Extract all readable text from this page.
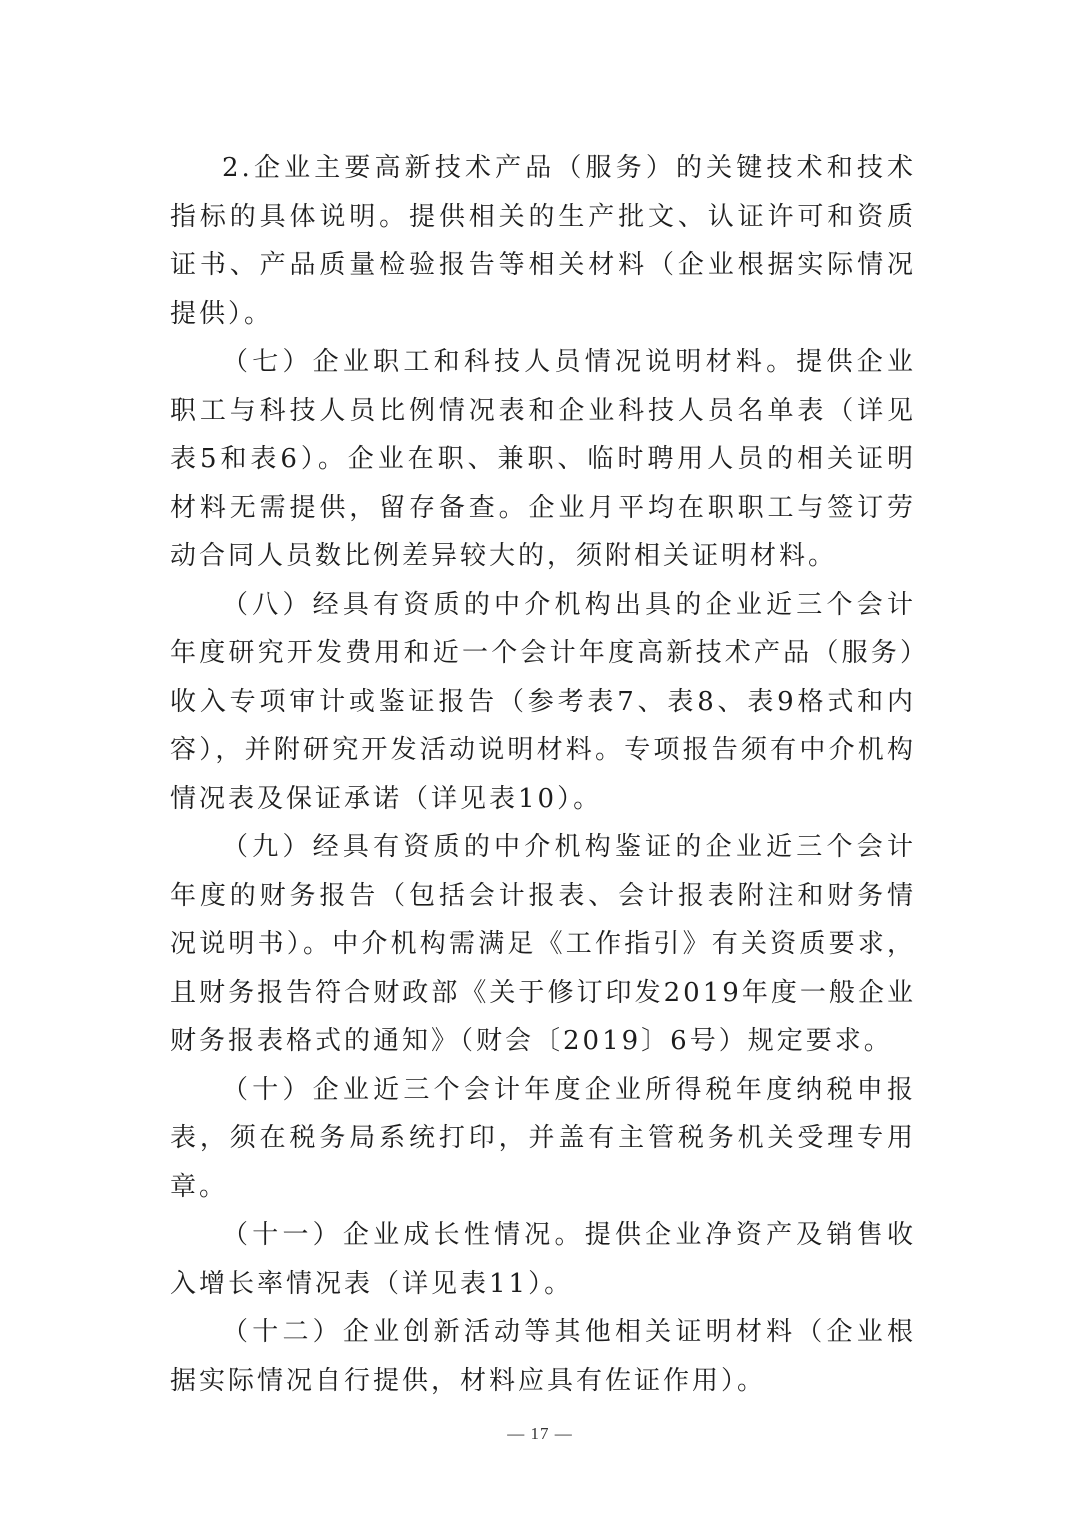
2.企业主要高新技术产品（服务）的关键技术和技术指标的具体说明。提供相关的生产批文、认证许可和资质证书、产品质量检验报告等相关材料（企业根据实际情况提供）。

（七）企业职工和科技人员情况说明材料。提供企业职工与科技人员比例情况表和企业科技人员名单表（详见表5和表6）。企业在职、兼职、临时聘用人员的相关证明材料无需提供，留存备查。企业月平均在职职工与签订劳动合同人员数比例差异较大的，须附相关证明材料。

（八）经具有资质的中介机构出具的企业近三个会计年度研究开发费用和近一个会计年度高新技术产品（服务）收入专项审计或鉴证报告（参考表7、表8、表9格式和内容），并附研究开发活动说明材料。专项报告须有中介机构情况表及保证承诺（详见表10）。

（九）经具有资质的中介机构鉴证的企业近三个会计年度的财务报告（包括会计报表、会计报表附注和财务情况说明书）。中介机构需满足《工作指引》有关资质要求，且财务报告符合财政部《关于修订印发2019年度一般企业财务报表格式的通知》（财会〔2019〕6号）规定要求。

（十）企业近三个会计年度企业所得税年度纳税申报表，须在税务局系统打印，并盖有主管税务机关受理专用章。

（十一）企业成长性情况。提供企业净资产及销售收入增长率情况表（详见表11）。

（十二）企业创新活动等其他相关证明材料（企业根据实际情况自行提供，材料应具有佐证作用）。

— 17 —
